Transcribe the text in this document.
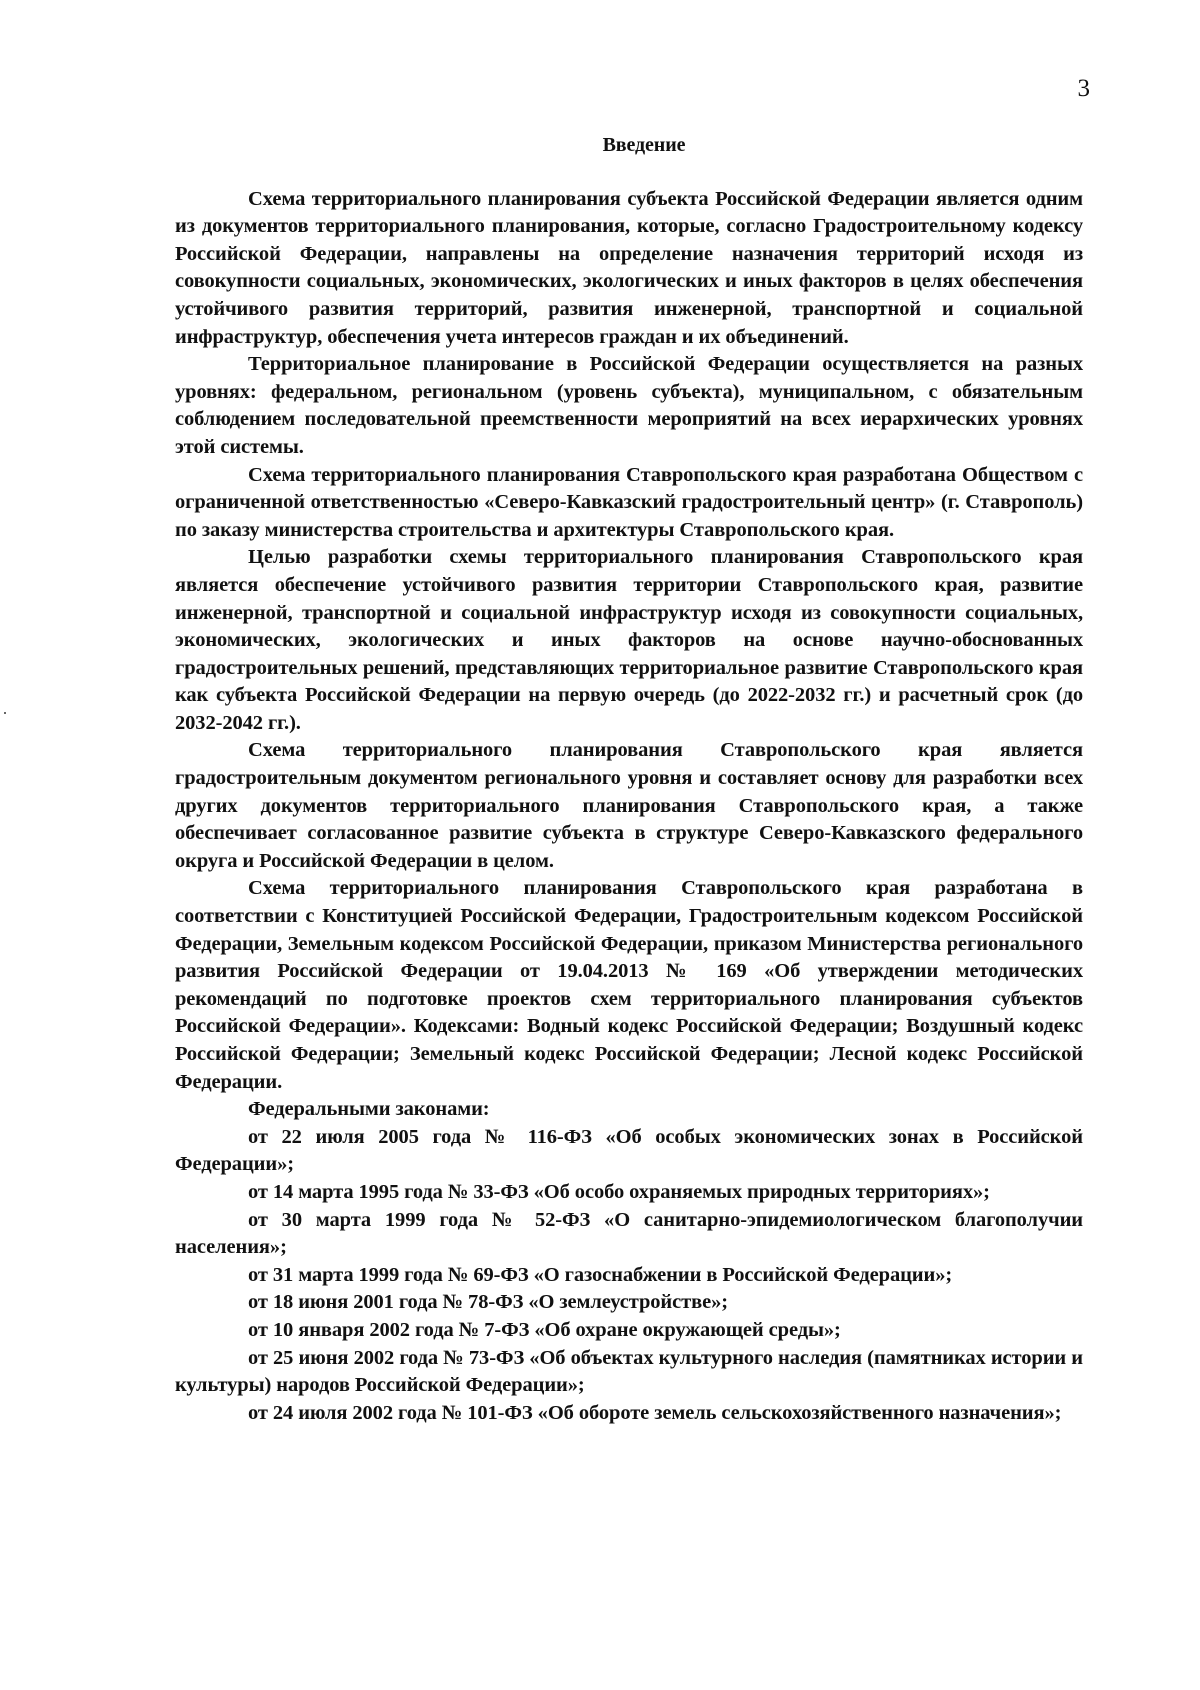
3

Введение

Схема территориального планирования субъекта Российской Федерации является одним из документов территориального планирования, которые, согласно Градостроительному кодексу Российской Федерации, направлены на определение назначения территорий исходя из совокупности социальных, экономических, экологических и иных факторов в целях обеспечения устойчивого развития территорий, развития инженерной, транспортной и социальной инфраструктур, обеспечения учета интересов граждан и их объединений.

Территориальное планирование в Российской Федерации осуществляется на разных уровнях: федеральном, региональном (уровень субъекта), муниципальном, с обязательным соблюдением последовательной преемственности мероприятий на всех иерархических уровнях этой системы.

Схема территориального планирования Ставропольского края разработана Обществом с ограниченной ответственностью «Северо-Кавказский градостроительный центр» (г. Ставрополь) по заказу министерства строительства и архитектуры Ставропольского края.

Целью разработки схемы территориального планирования Ставропольского края является обеспечение устойчивого развития территории Ставропольского края, развитие инженерной, транспортной и социальной инфраструктур исходя из совокупности социальных, экономических, экологических и иных факторов на основе научно-обоснованных градостроительных решений, представляющих территориальное развитие Ставропольского края как субъекта Российской Федерации на первую очередь (до 2022-2032 гг.) и расчетный срок (до 2032-2042 гг.).

Схема территориального планирования Ставропольского края является градостроительным документом регионального уровня и составляет основу для разработки всех других документов территориального планирования Ставропольского края, а также обеспечивает согласованное развитие субъекта в структуре Северо-Кавказского федерального округа и Российской Федерации в целом.

Схема территориального планирования Ставропольского края разработана в соответствии с Конституцией Российской Федерации, Градостроительным кодексом Российской Федерации, Земельным кодексом Российской Федерации, приказом Министерства регионального развития Российской Федерации от 19.04.2013 № 169 «Об утверждении методических рекомендаций по подготовке проектов схем территориального планирования субъектов Российской Федерации». Кодексами: Водный кодекс Российской Федерации; Воздушный кодекс Российской Федерации; Земельный кодекс Российской Федерации; Лесной кодекс Российской Федерации.

Федеральными законами:

от 22 июля 2005 года № 116-ФЗ «Об особых экономических зонах в Российской Федерации»;

от 14 марта 1995 года № 33-ФЗ «Об особо охраняемых природных территориях»;

от 30 марта 1999 года № 52-ФЗ «О санитарно-эпидемиологическом благополучии населения»;

от 31 марта 1999 года № 69-ФЗ «О газоснабжении в Российской Федерации»;

от 18 июня 2001 года № 78-ФЗ «О землеустройстве»;

от 10 января 2002 года № 7-ФЗ «Об охране окружающей среды»;

от 25 июня 2002 года № 73-ФЗ «Об объектах культурного наследия (памятниках истории и культуры) народов Российской Федерации»;

от 24 июля 2002 года № 101-ФЗ «Об обороте земель сельскохозяйственного назначения»;
